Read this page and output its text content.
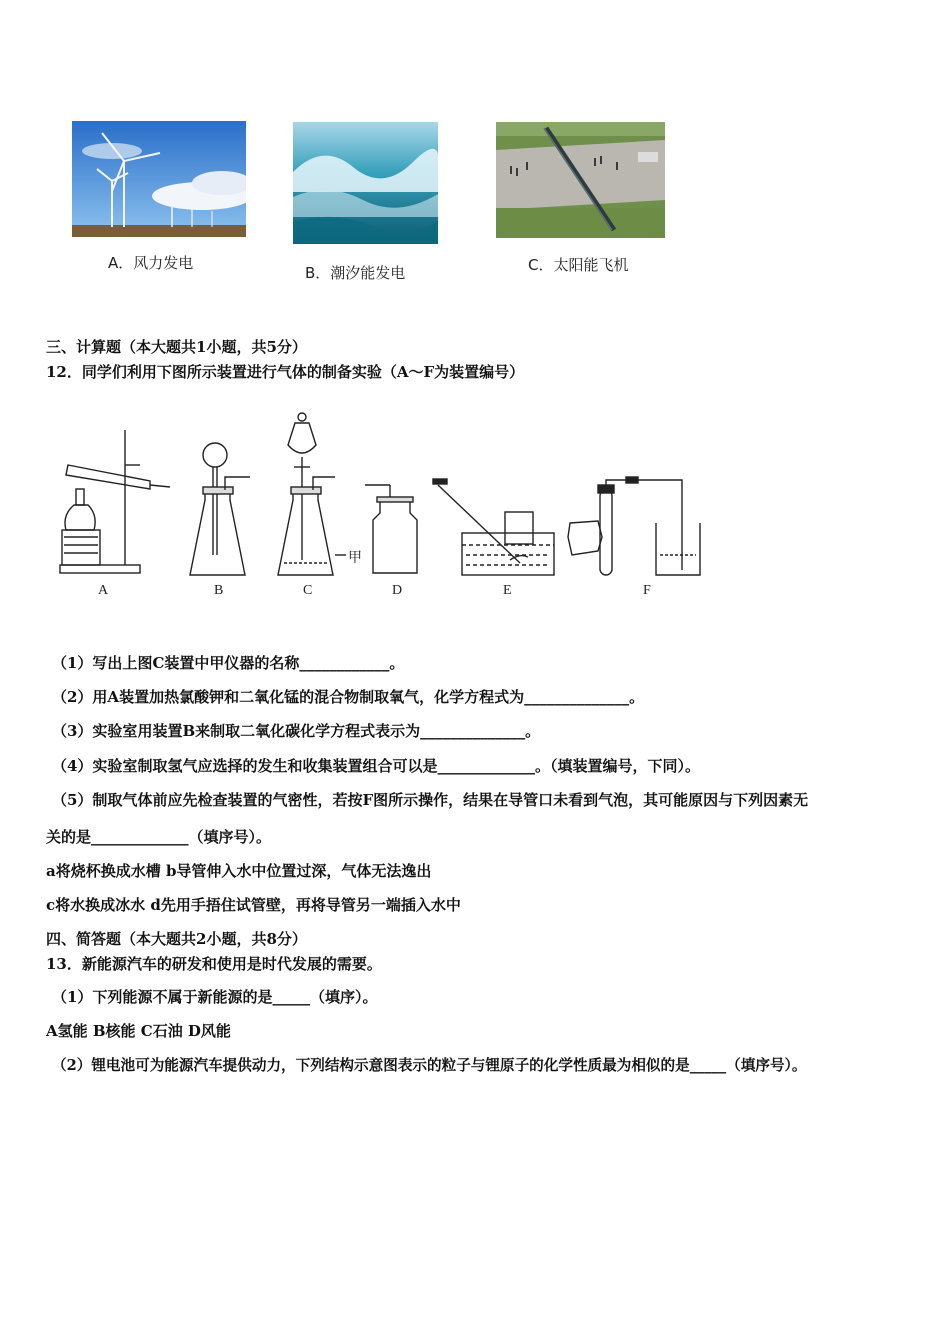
A．风力发电
B．潮汐能发电	C．太阳能飞机
三、计算题（本大题共1小题，共5分）
12．同学们利用下图所示装置进行气体的制备实验（A～F为装置编号）
A	B	C	D	E	F
甲
（1）写出上图C装置中甲仪器的名称____________。
（2）用A装置加热氯酸钾和二氧化锰的混合物制取氧气，化学方程式为______________。
（3）实验室用装置B来制取二氧化碳化学方程式表示为______________。
（4）实验室制取氢气应选择的发生和收集装置组合可以是_____________。（填装置编号，下同）。
（5）制取气体前应先检查装置的气密性，若按F图所示操作，结果在导管口未看到气泡，其可能原因与下列因素无
关的是_____________（填序号）。
a将烧杯换成水槽 b导管伸入水中位置过深，气体无法逸出
c将水换成冰水 d先用手捂住试管壁，再将导管另一端插入水中
四、简答题（本大题共2小题，共8分）
13．新能源汽车的研发和使用是时代发展的需要。
（1）下列能源不属于新能源的是_____（填序）。
A氢能 B核能 C石油 D风能
（2）锂电池可为能源汽车提供动力，下列结构示意图表示的粒子与锂原子的化学性质最为相似的是_____（填序号）。
